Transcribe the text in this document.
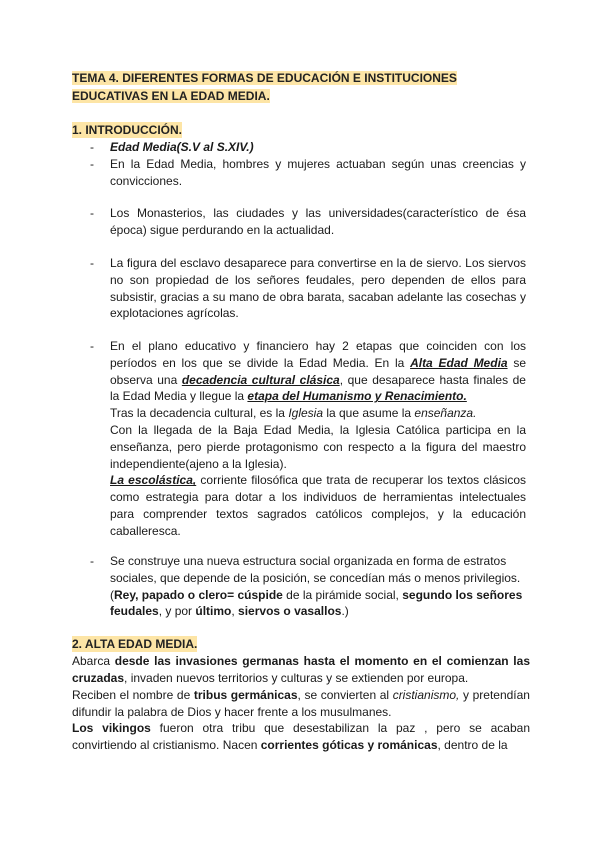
TEMA 4. DIFERENTES FORMAS DE EDUCACIÓN E INSTITUCIONES
EDUCATIVAS EN LA EDAD MEDIA.
1. INTRODUCCIÓN.
- Edad Media(S.V al S.XIV.)
- En la Edad Media, hombres y mujeres actuaban según unas creencias y convicciones.
- Los Monasterios, las ciudades y las universidades(característico de ésa época) sigue perdurando en la actualidad.
- La figura del esclavo desaparece para convertirse en la de siervo. Los siervos no son propiedad de los señores feudales, pero dependen de ellos para subsistir, gracias a su mano de obra barata, sacaban adelante las cosechas y explotaciones agrícolas.
- En el plano educativo y financiero hay 2 etapas que coinciden con los períodos en los que se divide la Edad Media. En la Alta Edad Media se observa una decadencia cultural clásica, que desaparece hasta finales de la Edad Media y llegue la etapa del Humanismo y Renacimiento.
Tras la decadencia cultural, es la Iglesia la que asume la enseñanza.
Con la llegada de la Baja Edad Media, la Iglesia Católica participa en la enseñanza, pero pierde protagonismo con respecto a la figura del maestro independiente(ajeno a la Iglesia).
La escolástica, corriente filosófica que trata de recuperar los textos clásicos como estrategia para dotar a los individuos de herramientas intelectuales para comprender textos sagrados católicos complejos, y la educación caballeresca.
- Se construye una nueva estructura social organizada en forma de estratos sociales, que depende de la posición, se concedían más o menos privilegios. (Rey, papado o clero= cúspide de la pirámide social, segundo los señores feudales, y por último, siervos o vasallos.)
2. ALTA EDAD MEDIA.
Abarca desde las invasiones germanas hasta el momento en el comienzan las cruzadas, invaden nuevos territorios y culturas y se extienden por europa.
Reciben el nombre de tribus germánicas, se convierten al cristianismo, y pretendían difundir la palabra de Dios y hacer frente a los musulmanes.
Los vikingos fueron otra tribu que desestabilizan la paz , pero se acaban convirtiendo al cristianismo. Nacen corrientes góticas y románicas, dentro de la
